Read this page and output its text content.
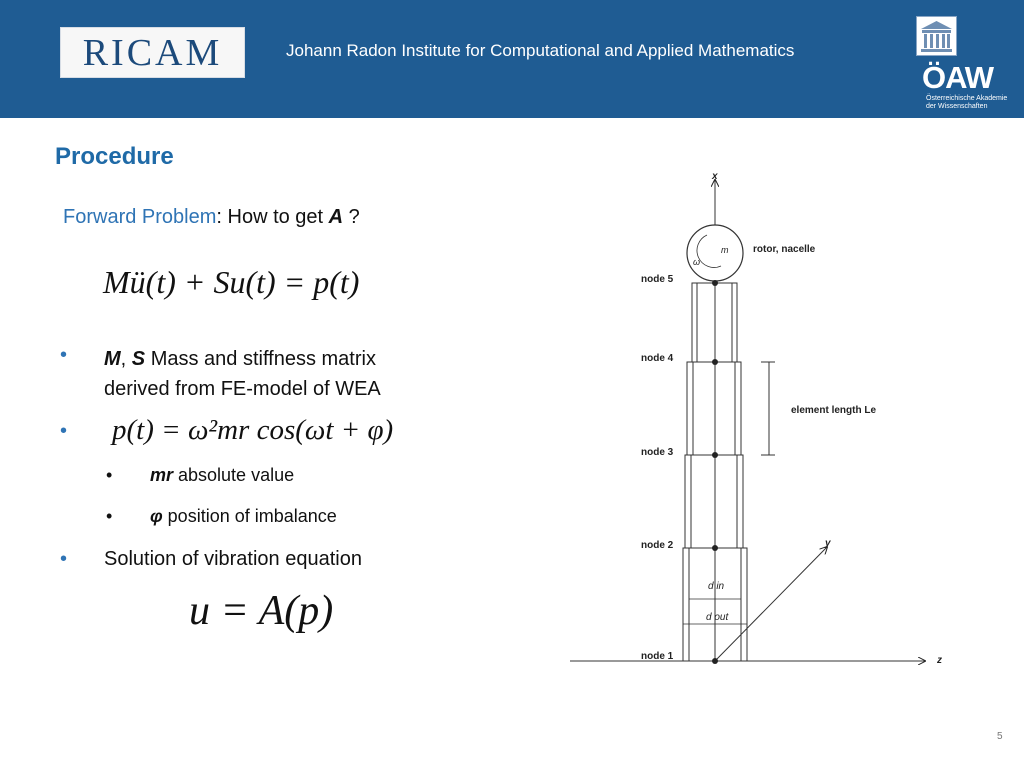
RICAM	Johann Radon Institute for Computational and Applied Mathematics
ÖAW
Österreichische Akademie
der Wissenschaften
Procedure
Forward Problem: How to get A ?
Mü(t) + Su(t) = p(t)
• M, S Mass and stiffness matrix
derived from FE-model of WEA
• p(t) = ω²mr cos(ωt + φ)
• mr absolute value
• φ position of imbalance
• Solution of vibration equation
u = A(p)
x
z
y
m
ω
rotor, nacelle
node 5
node 4
node 3
node 2
node 1
element length Le
d in
d out
5
